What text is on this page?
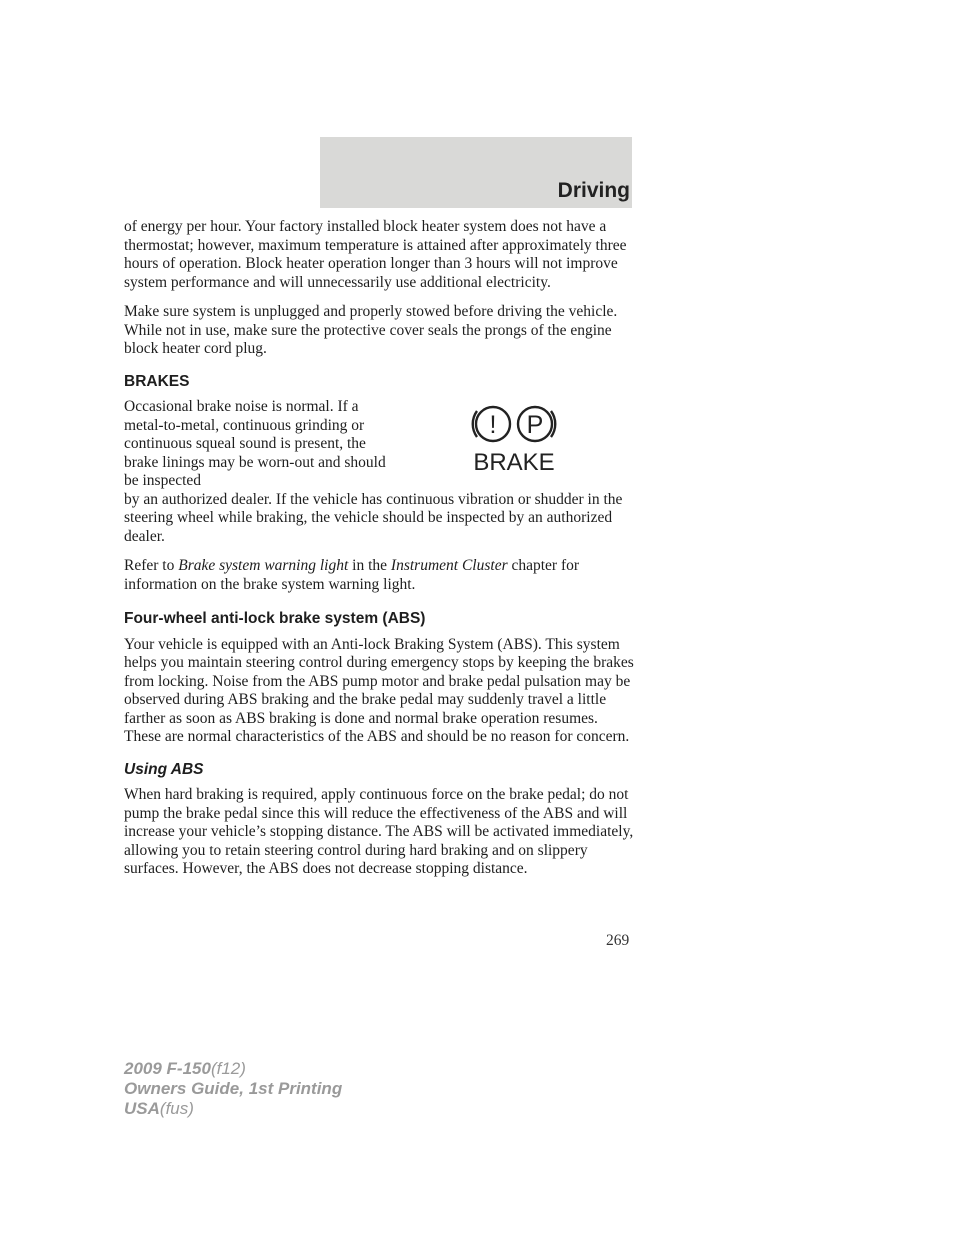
Driving

of energy per hour. Your factory installed block heater system does not have a thermostat; however, maximum temperature is attained after approximately three hours of operation. Block heater operation longer than 3 hours will not improve system performance and will unnecessarily use additional electricity.

Make sure system is unplugged and properly stowed before driving the vehicle. While not in use, make sure the protective cover seals the prongs of the engine block heater cord plug.

BRAKES

Occasional brake noise is normal. If a metal-to-metal, continuous grinding or continuous squeal sound is present, the brake linings may be worn-out and should be inspected

by an authorized dealer. If the vehicle has continuous vibration or shudder in the steering wheel while braking, the vehicle should be inspected by an authorized dealer.

! P
BRAKE

Refer to Brake system warning light in the Instrument Cluster chapter for information on the brake system warning light.

Four-wheel anti-lock brake system (ABS)

Your vehicle is equipped with an Anti-lock Braking System (ABS). This system helps you maintain steering control during emergency stops by keeping the brakes from locking. Noise from the ABS pump motor and brake pedal pulsation may be observed during ABS braking and the brake pedal may suddenly travel a little farther as soon as ABS braking is done and normal brake operation resumes. These are normal characteristics of the ABS and should be no reason for concern.

Using ABS

When hard braking is required, apply continuous force on the brake pedal; do not pump the brake pedal since this will reduce the effectiveness of the ABS and will increase your vehicle’s stopping distance. The ABS will be activated immediately, allowing you to retain steering control during hard braking and on slippery surfaces. However, the ABS does not decrease stopping distance.

269
2009 F-150(f12)
Owners Guide, 1st Printing
USA(fus)
